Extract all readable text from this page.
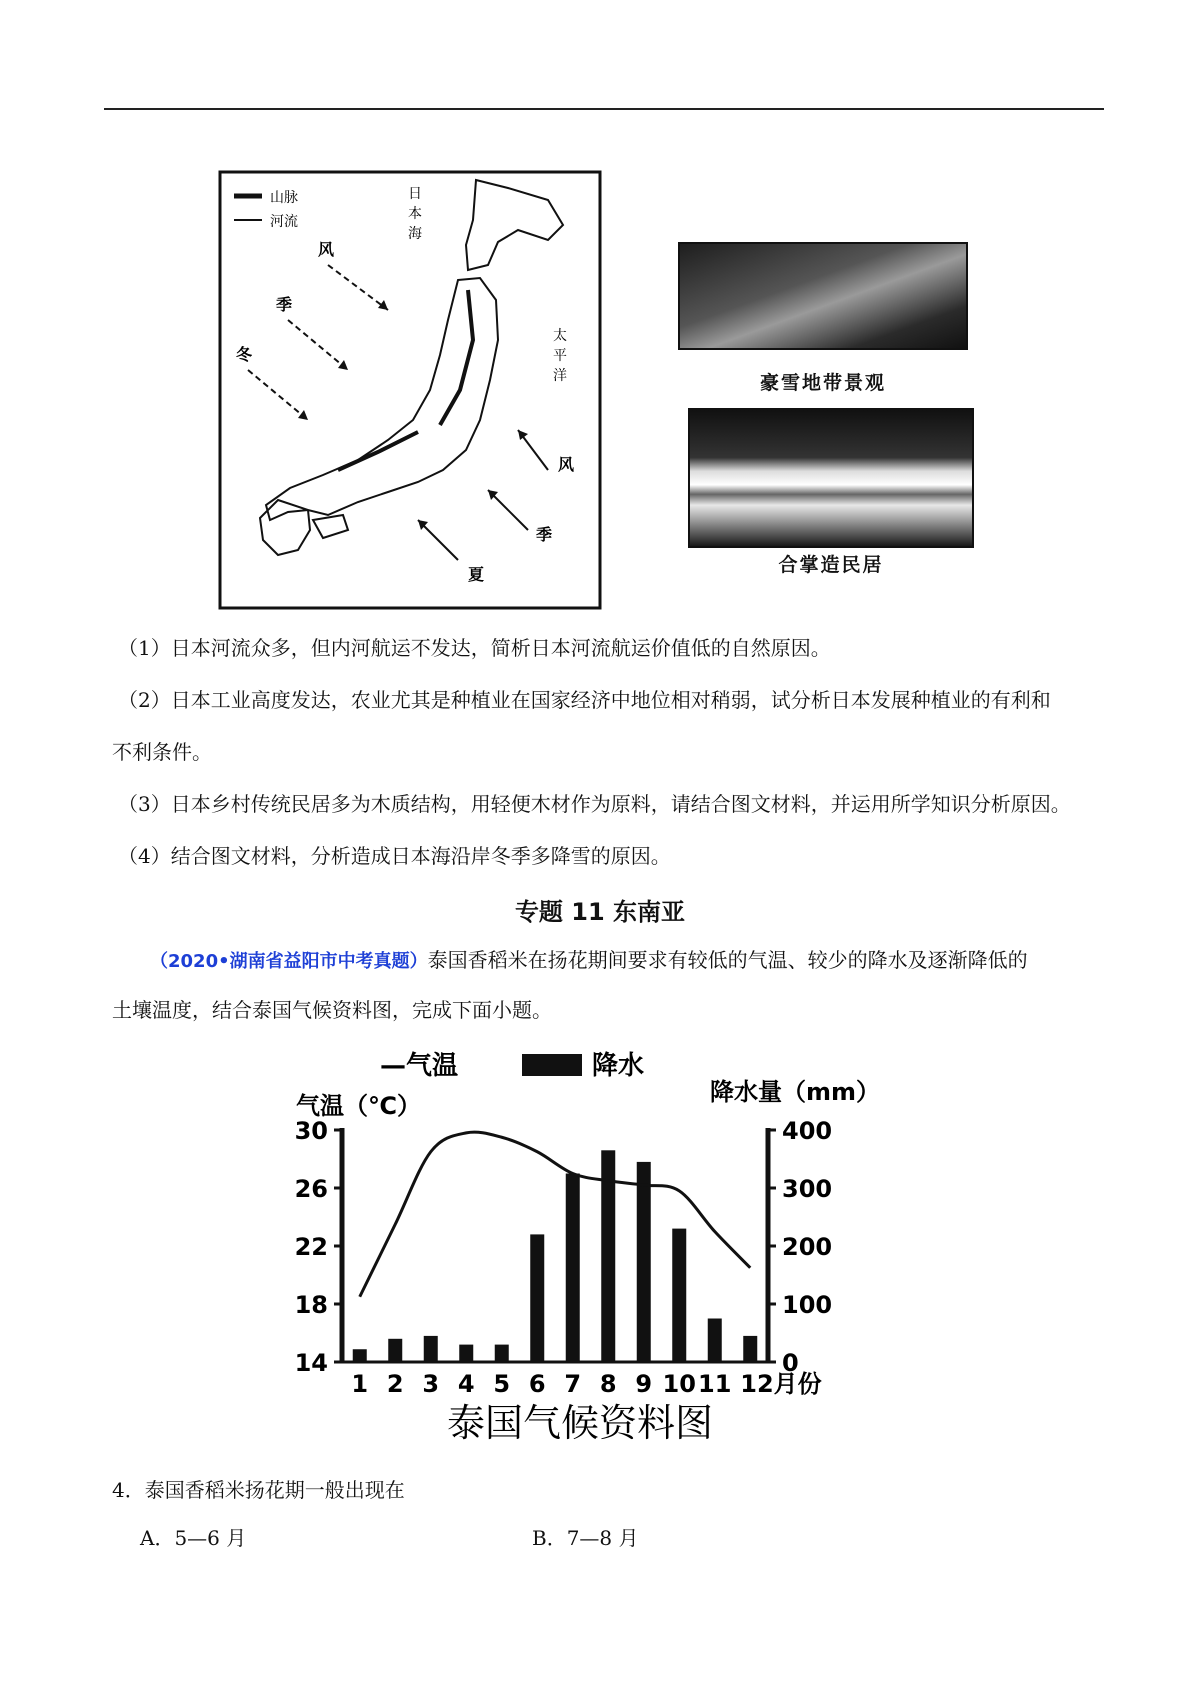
山脉
河流
日
本
海
太
平
洋
风
季
冬
风
季
夏
豪雪地带景观
合掌造民居
（1）日本河流众多，但内河航运不发达，简析日本河流航运价值低的自然原因。
（2）日本工业高度发达，农业尤其是种植业在国家经济中地位相对稍弱，试分析日本发展种植业的有利和
不利条件。
（3）日本乡村传统民居多为木质结构，用轻便木材作为原料，请结合图文材料，并运用所学知识分析原因。
（4）结合图文材料，分析造成日本海沿岸冬季多降雪的原因。
专题 11 东南亚
（2020•湖南省益阳市中考真题）泰国香稻米在扬花期间要求有较低的气温、较少的降水及逐渐降低的
土壤温度，结合泰国气候资料图，完成下面小题。
—气温	降水
气温（℃）	降水量（mm）
30
26
22
18
14
400
300
200
100
0
1 2 3 4 5 6 7 8 9 10 11 12月份
泰国气候资料图
4．泰国香稻米扬花期一般出现在
A．5—6 月	B．7—8 月
